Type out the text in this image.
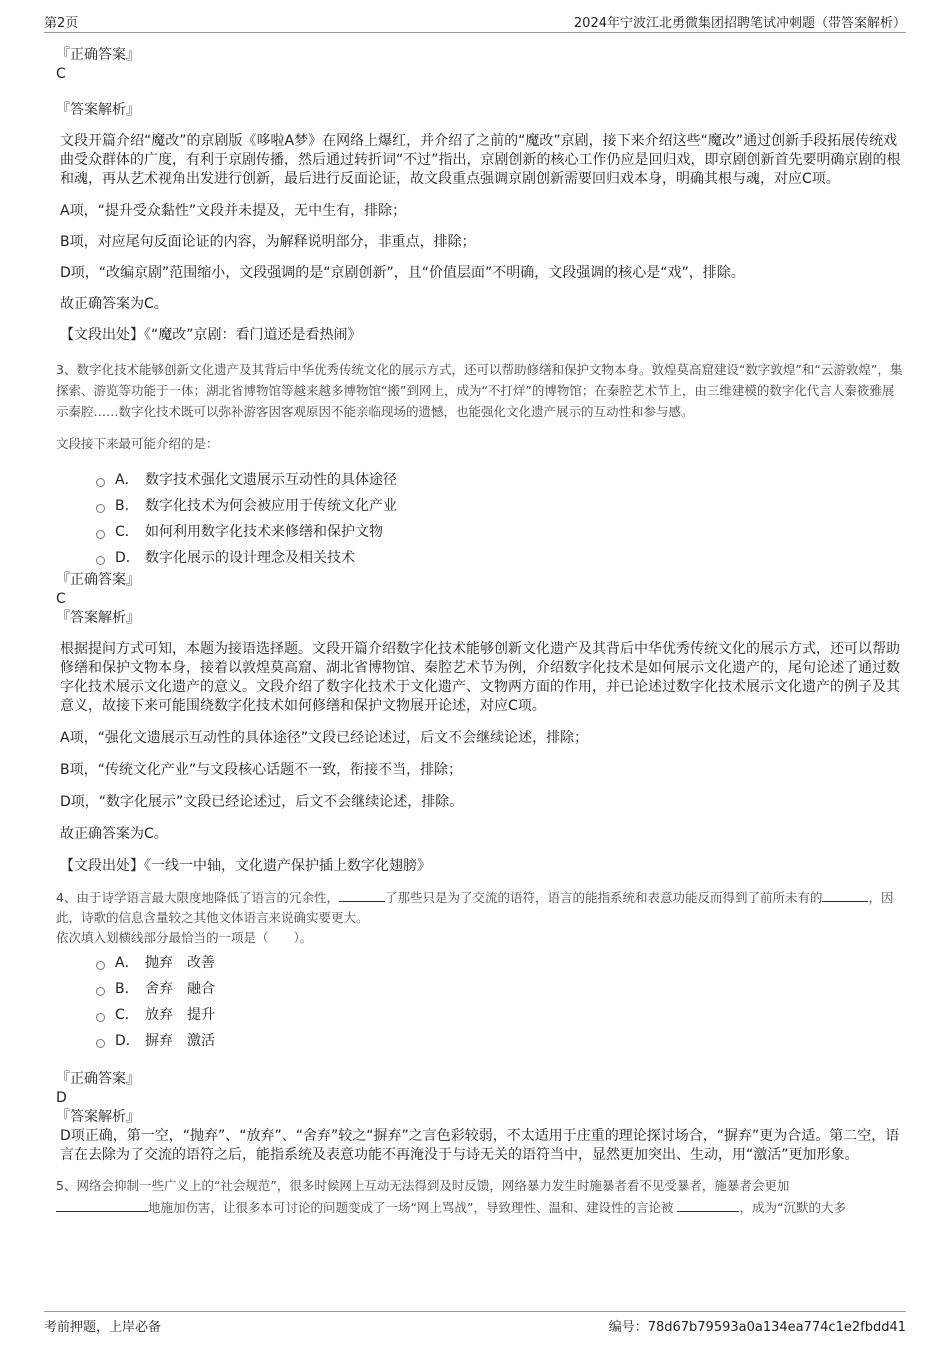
第2页	2024年宁波江北勇微集团招聘笔试冲刺题（带答案解析）

『正确答案』

C

『答案解析』

文段开篇介绍“魔改”的京剧版《哆啦A梦》在网络上爆红，并介绍了之前的“魔改”京剧，接下来介绍这些“魔改”通过创新手段拓展传统戏曲受众群体的广度，有利于京剧传播，然后通过转折词“不过”指出，京剧创新的核心工作仍应是回归戏，即京剧创新首先要明确京剧的根和魂，再从艺术视角出发进行创新，最后进行反面论证，故文段重点强调京剧创新需要回归戏本身，明确其根与魂，对应C项。

A项，“提升受众黏性”文段并未提及，无中生有，排除；

B项，对应尾句反面论证的内容，为解释说明部分，非重点，排除；

D项，“改编京剧”范围缩小，文段强调的是“京剧创新”，且“价值层面”不明确，文段强调的核心是“戏”，排除。

故正确答案为C。

【文段出处】《“魔改”京剧：看门道还是看热闹》

3、数字化技术能够创新文化遗产及其背后中华优秀传统文化的展示方式，还可以帮助修缮和保护文物本身。敦煌莫高窟建设“数字敦煌”和“云游敦煌”，集探索、游览等功能于一体；湖北省博物馆等越来越多博物馆“搬”到网上，成为“不打烊”的博物馆；在秦腔艺术节上，由三维建模的数字化代言人秦筱雅展示秦腔……数字化技术既可以弥补游客因客观原因不能亲临现场的遗憾，也能强化文化遗产展示的互动性和参与感。

文段接下来最可能介绍的是：

A． 数字技术强化文遗展示互动性的具体途径
B． 数字化技术为何会被应用于传统文化产业
C． 如何利用数字化技术来修缮和保护文物
D． 数字化展示的设计理念及相关技术

『正确答案』

C

『答案解析』

根据提问方式可知，本题为接语选择题。文段开篇介绍数字化技术能够创新文化遗产及其背后中华优秀传统文化的展示方式，还可以帮助修缮和保护文物本身，接着以敦煌莫高窟、湖北省博物馆、秦腔艺术节为例，介绍数字化技术是如何展示文化遗产的，尾句论述了通过数字化技术展示文化遗产的意义。文段介绍了数字化技术于文化遗产、文物两方面的作用，并已论述过数字化技术展示文化遗产的例子及其意义，故接下来可能围绕数字化技术如何修缮和保护文物展开论述，对应C项。

A项，“强化文遗展示互动性的具体途径”文段已经论述过，后文不会继续论述，排除；

B项，“传统文化产业”与文段核心话题不一致，衔接不当，排除；

D项，“数字化展示”文段已经论述过，后文不会继续论述，排除。

故正确答案为C。

【文段出处】《一线一中轴，文化遗产保护插上数字化翅膀》

4、由于诗学语言最大限度地降低了语言的冗余性，	了那些只是为了交流的语符，语言的能指系统和表意功能反而得到了前所未有的	，因此，诗歌的信息含量较之其他文体语言来说确实要更大。

依次填入划横线部分最恰当的一项是（　　）。

A． 抛弃　改善
B． 舍弃　融合
C． 放弃　提升
D． 摒弃　激活

『正确答案』

D

『答案解析』

D项正确，第一空，“抛弃”、“放弃”、“舍弃”较之“摒弃”之言色彩较弱，不太适用于庄重的理论探讨场合，“摒弃”更为合适。第二空，语言在去除为了交流的语符之后，能指系统及表意功能不再淹没于与诗无关的语符当中，显然更加突出、生动，用“激活”更加形象。

5、网络会抑制一些广义上的“社会规范”，很多时候网上互动无法得到及时反馈，网络暴力发生时施暴者看不见受暴者，施暴者会更加
地施加伤害，让很多本可讨论的问题变成了一场“网上骂战”，导致理性、温和、建设性的言论被	，成为“沉默的大多

考前押题，上岸必备	编号：78d67b79593a0a134ea774c1e2fbdd41
